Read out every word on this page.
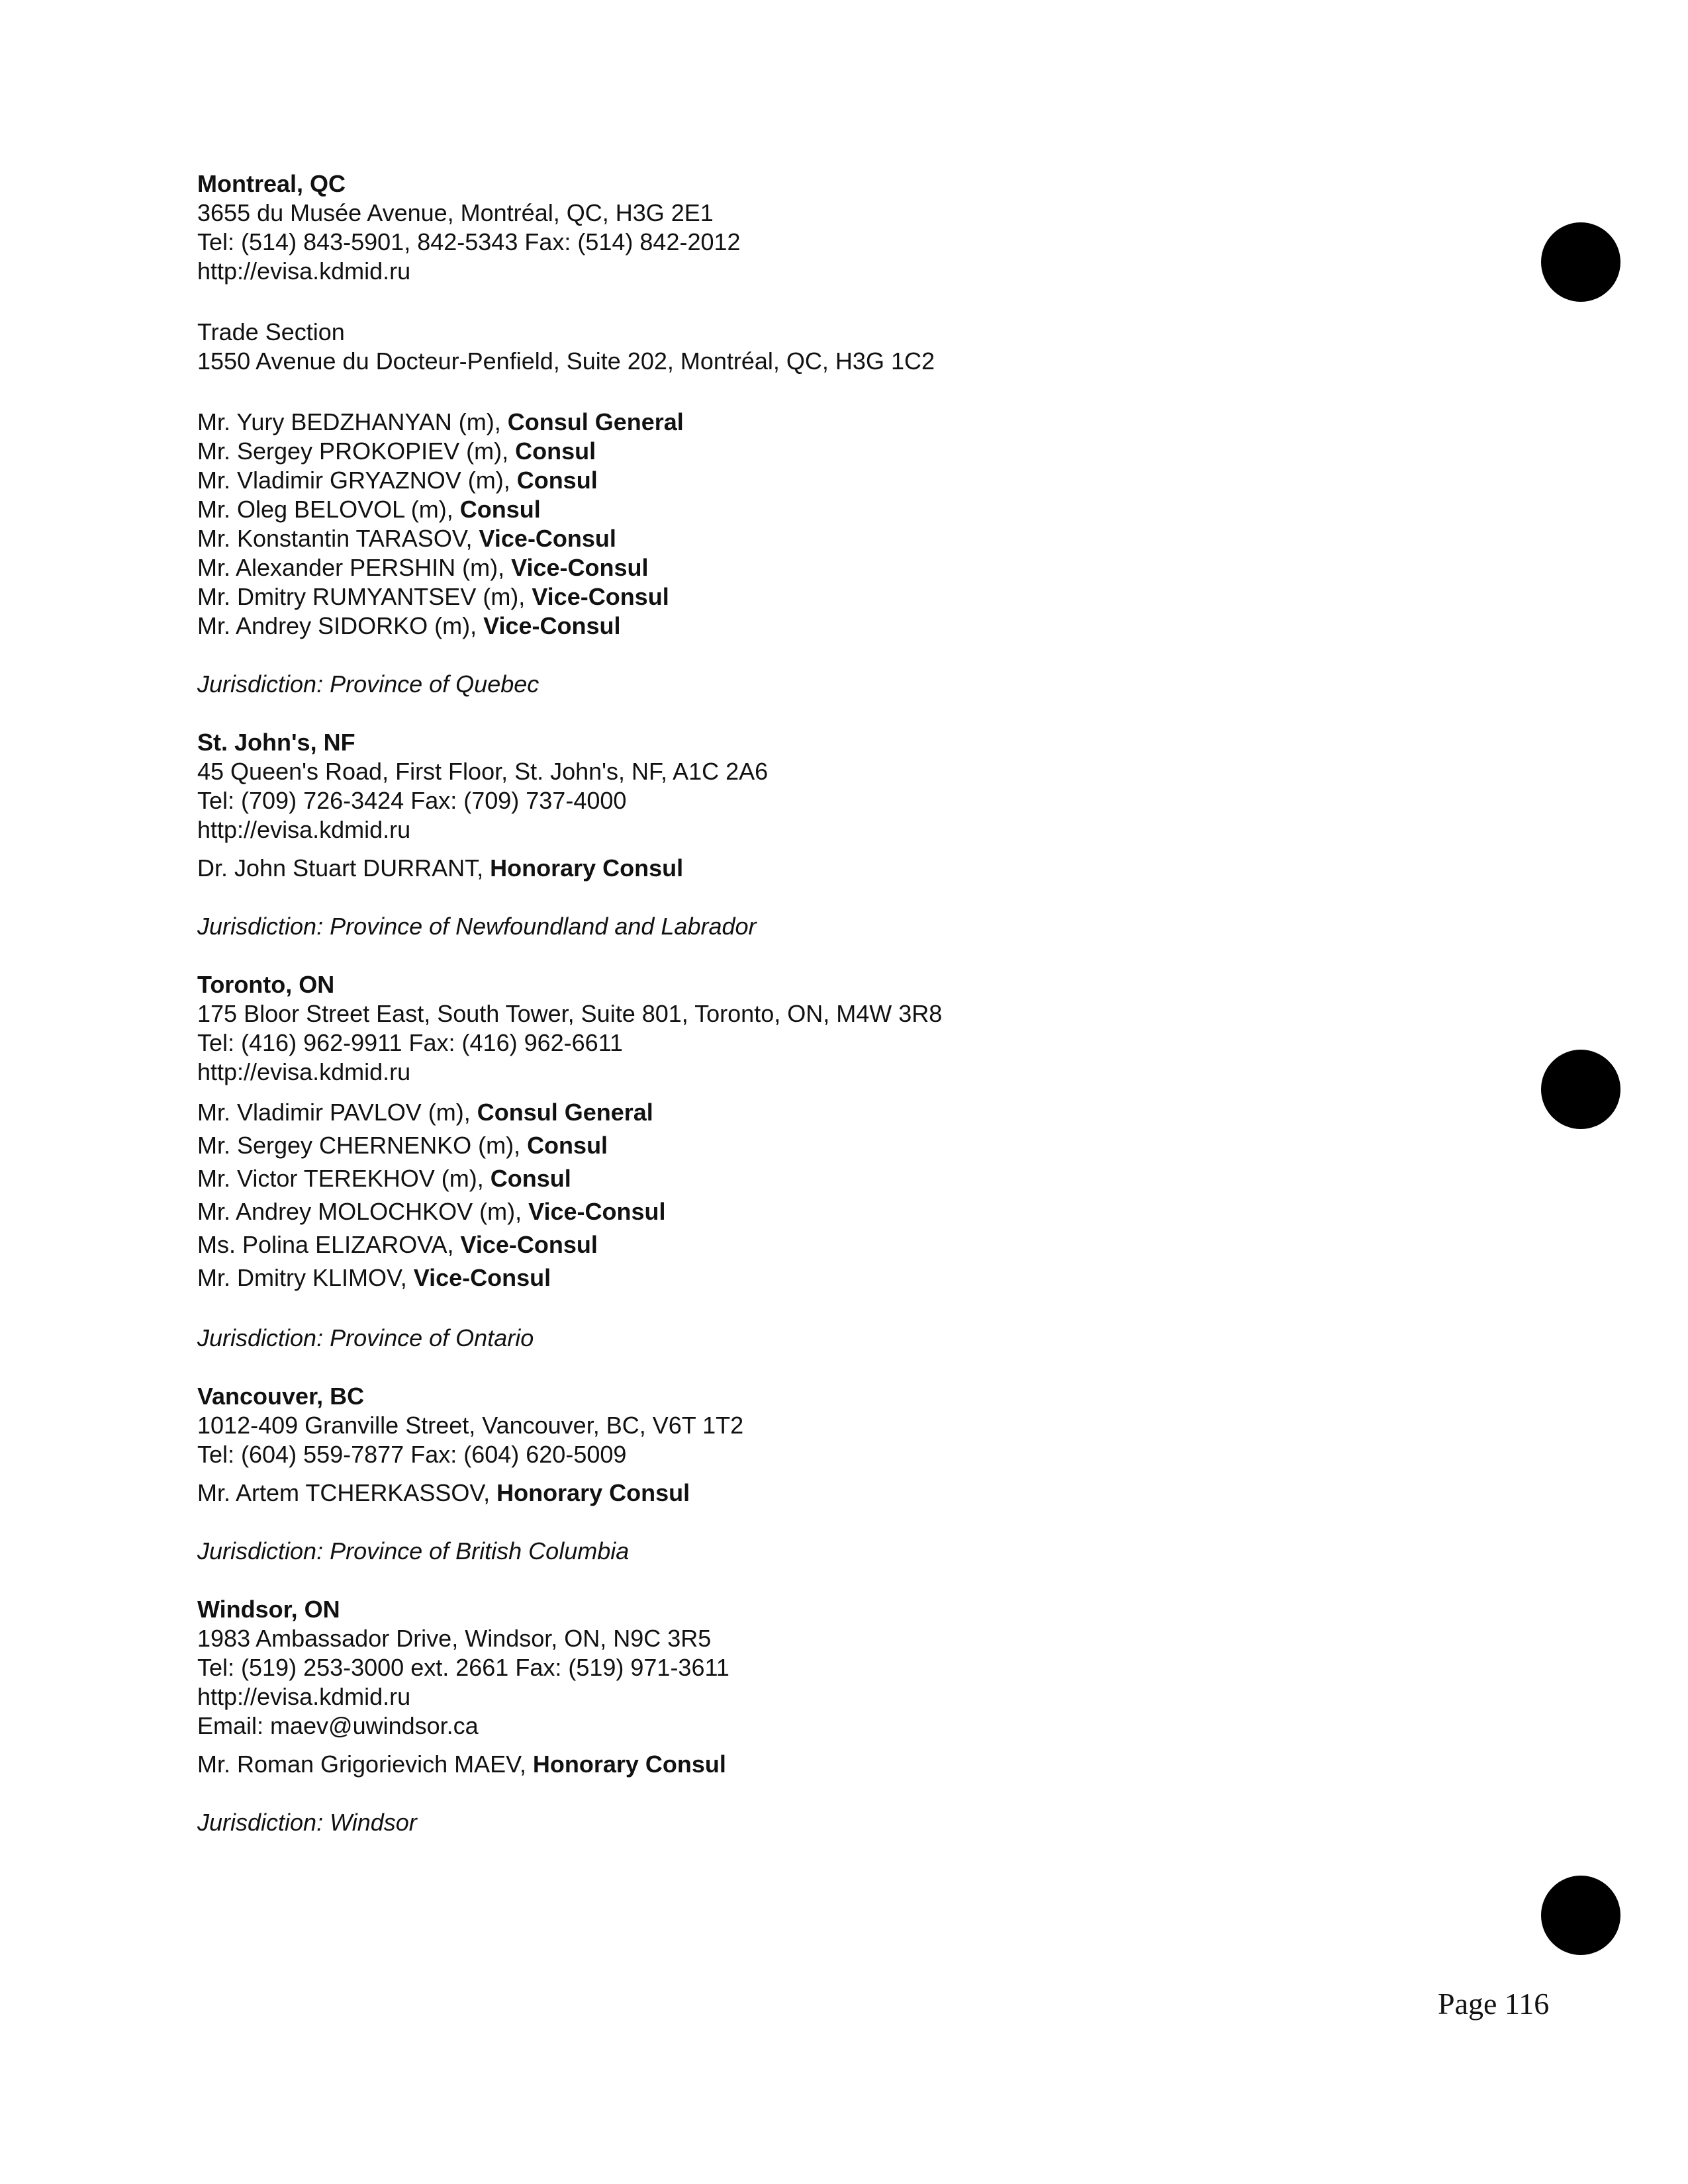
Montreal, QC
3655 du Musée Avenue, Montréal, QC, H3G 2E1
Tel: (514) 843-5901, 842-5343 Fax: (514) 842-2012
http://evisa.kdmid.ru
Trade Section
1550 Avenue du Docteur-Penfield, Suite 202, Montréal, QC, H3G 1C2
Mr. Yury BEDZHANYAN (m), Consul General
Mr. Sergey PROKOPIEV (m), Consul
Mr. Vladimir GRYAZNOV (m), Consul
Mr. Oleg BELOVOL (m), Consul
Mr. Konstantin TARASOV, Vice-Consul
Mr. Alexander PERSHIN (m), Vice-Consul
Mr. Dmitry RUMYANTSEV (m), Vice-Consul
Mr. Andrey SIDORKO (m), Vice-Consul
Jurisdiction: Province of Quebec
St. John's, NF
45 Queen's Road, First Floor, St. John's, NF, A1C 2A6
Tel: (709) 726-3424 Fax: (709) 737-4000
http://evisa.kdmid.ru
Dr. John Stuart DURRANT, Honorary Consul
Jurisdiction: Province of Newfoundland and Labrador
Toronto, ON
175 Bloor Street East, South Tower, Suite 801, Toronto, ON, M4W 3R8
Tel: (416) 962-9911 Fax: (416) 962-6611
http://evisa.kdmid.ru
Mr. Vladimir PAVLOV (m), Consul General
Mr. Sergey CHERNENKO (m), Consul
Mr. Victor TEREKHOV (m), Consul
Mr. Andrey MOLOCHKOV (m), Vice-Consul
Ms. Polina ELIZAROVA, Vice-Consul
Mr. Dmitry KLIMOV, Vice-Consul
Jurisdiction: Province of Ontario
Vancouver, BC
1012-409 Granville Street, Vancouver, BC, V6T 1T2
Tel: (604) 559-7877 Fax: (604) 620-5009
Mr. Artem TCHERKASSOV, Honorary Consul
Jurisdiction: Province of British Columbia
Windsor, ON
1983 Ambassador Drive, Windsor, ON, N9C 3R5
Tel: (519) 253-3000 ext. 2661 Fax: (519) 971-3611
http://evisa.kdmid.ru
Email: maev@uwindsor.ca
Mr. Roman Grigorievich MAEV, Honorary Consul
Jurisdiction: Windsor
Page 116
